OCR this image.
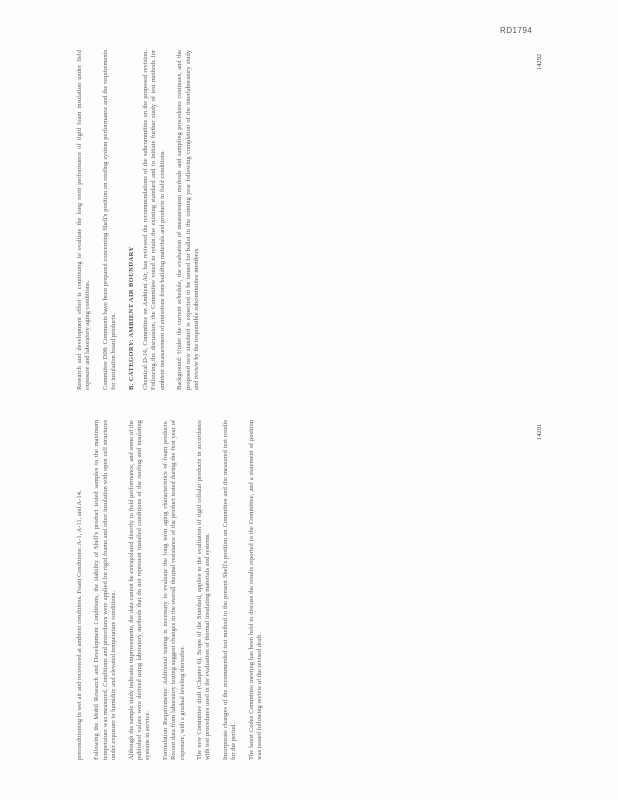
RD1794

preconditioning in wet air and recovered at ambient conditions. Foam Conditions: A-1, A-11, and A-14. Following the Mobil Research and Development Conditions, the stability of Shell's product tested samples to the maximum temperature was measured. Conditions and procedures were applied for rigid foams and other insulation with open cell structures under exposure to humidity and elevated temperature conditions. Although the sample study indicates improvements, the data cannot be extrapolated directly to field performance, and some of the published values were derived using laboratory methods that do not represent installed conditions of the roofing and insulating systems in service. Formulation Requirements: Additional testing is necessary to evaluate the long term aging characteristics of foam products. Recent data from laboratory testing suggest changes in the overall thermal resistance of the product tested during the first year of exposure, with a gradual leveling thereafter. The new Committee draft (Chapter 6), Scope of the Standard, applies to the evaluation of rigid cellular products in accordance with test procedures used in the evaluation of thermal insulating materials and systems. Incorporate changes of the recommended test method to the present Shell's position on Committee and the measured test results for the period. The latest Codes Committee meeting has been held to discuss the results reported to the Committee, and a statement of position was issued following review of the revised draft.

Research and development effort is continuing to evaluate the long term performance of rigid foam insulation under field exposure and laboratory aging conditions. Committee D08: Comments have been prepared concerning Shell's position on roofing system performance and the requirements for insulation board products. B. CATEGORY: AMBIENT AIR BOUNDARY Chemical D-16, Committee on Ambient Air, has reviewed the recommendations of the subcommittee on the proposed revision. Following the discussion, the Committee voted to retain the existing standard and to initiate further study of test methods for ambient measurement of emissions from building materials and products in field conditions. Background: Under the current schedule, the evaluation of measurement methods and sampling procedures continues, and the proposed new standard is expected to be issued for ballot in the coming year following completion of the interlaboratory study and review by the responsible subcommittee members.

14291
14292
